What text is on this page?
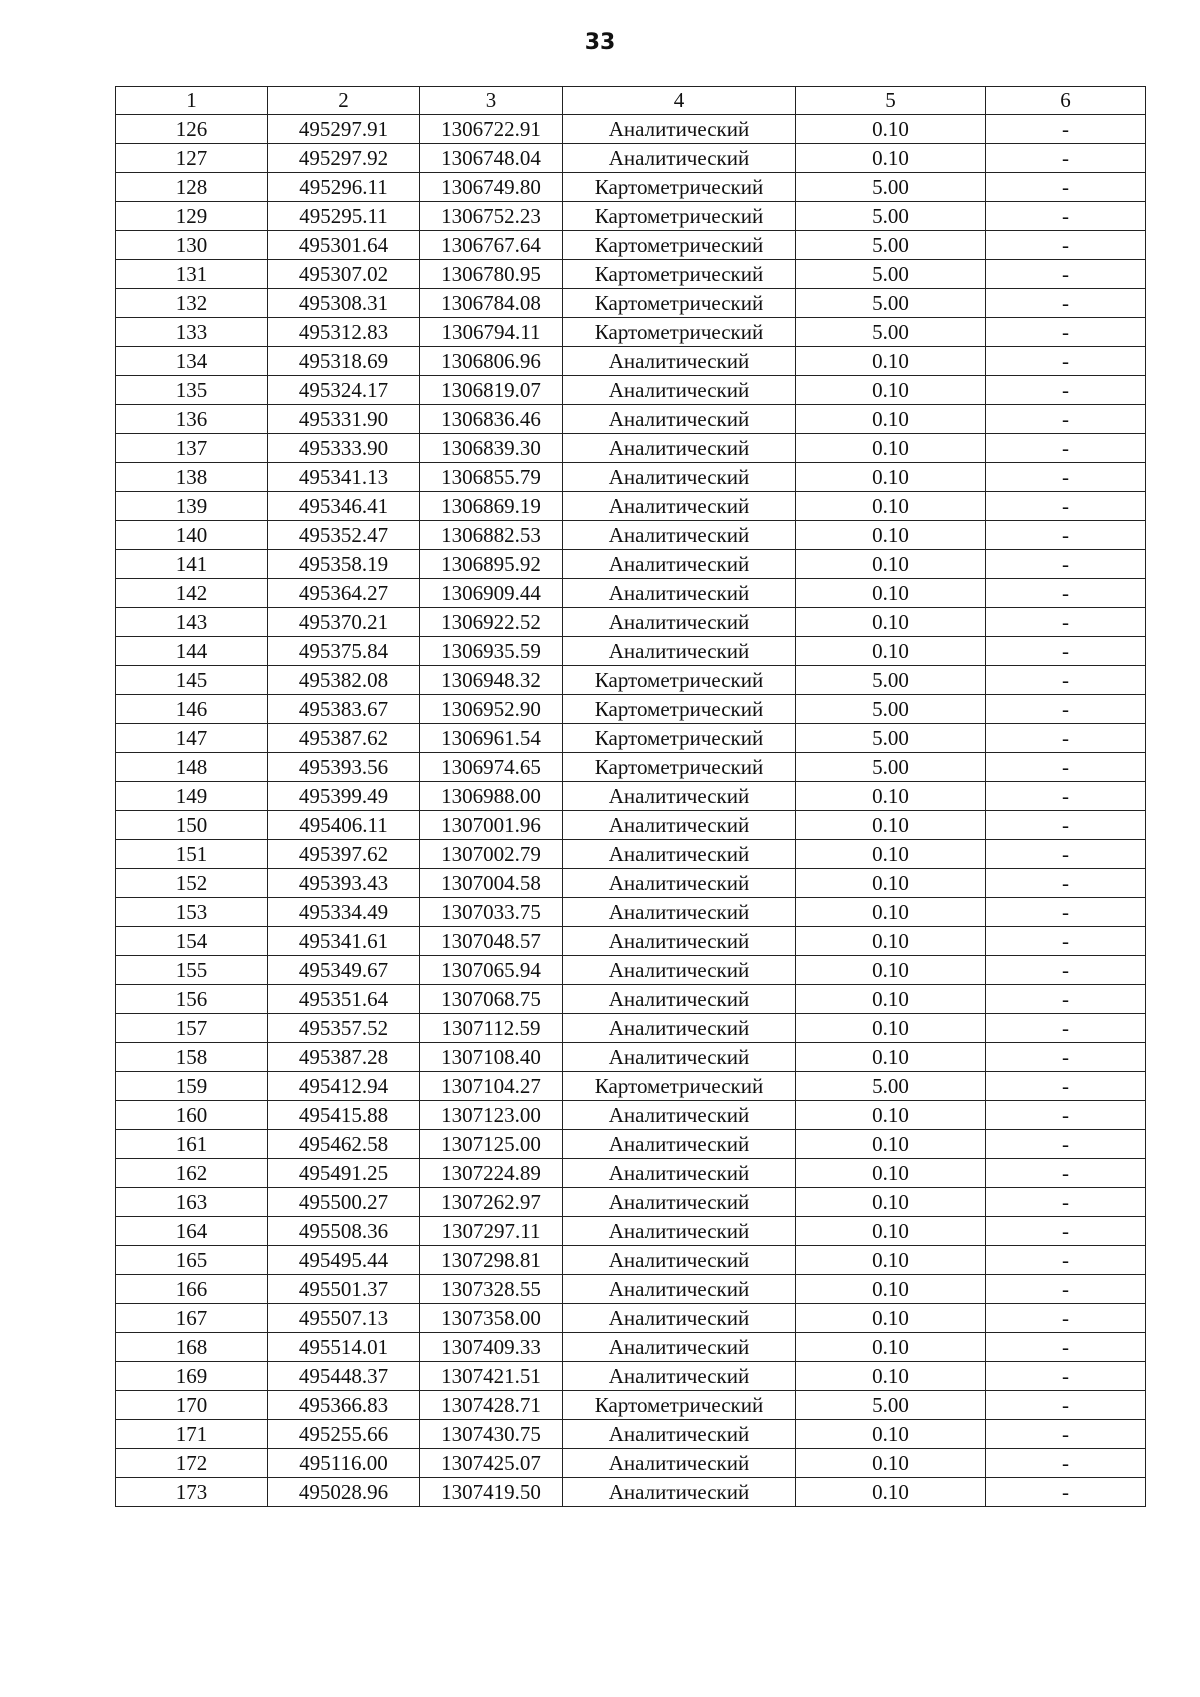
33
1	2	3	4	5	6
126	495297.91	1306722.91	Аналитический	0.10	-
127	495297.92	1306748.04	Аналитический	0.10	-
128	495296.11	1306749.80	Картометрический	5.00	-
129	495295.11	1306752.23	Картометрический	5.00	-
130	495301.64	1306767.64	Картометрический	5.00	-
131	495307.02	1306780.95	Картометрический	5.00	-
132	495308.31	1306784.08	Картометрический	5.00	-
133	495312.83	1306794.11	Картометрический	5.00	-
134	495318.69	1306806.96	Аналитический	0.10	-
135	495324.17	1306819.07	Аналитический	0.10	-
136	495331.90	1306836.46	Аналитический	0.10	-
137	495333.90	1306839.30	Аналитический	0.10	-
138	495341.13	1306855.79	Аналитический	0.10	-
139	495346.41	1306869.19	Аналитический	0.10	-
140	495352.47	1306882.53	Аналитический	0.10	-
141	495358.19	1306895.92	Аналитический	0.10	-
142	495364.27	1306909.44	Аналитический	0.10	-
143	495370.21	1306922.52	Аналитический	0.10	-
144	495375.84	1306935.59	Аналитический	0.10	-
145	495382.08	1306948.32	Картометрический	5.00	-
146	495383.67	1306952.90	Картометрический	5.00	-
147	495387.62	1306961.54	Картометрический	5.00	-
148	495393.56	1306974.65	Картометрический	5.00	-
149	495399.49	1306988.00	Аналитический	0.10	-
150	495406.11	1307001.96	Аналитический	0.10	-
151	495397.62	1307002.79	Аналитический	0.10	-
152	495393.43	1307004.58	Аналитический	0.10	-
153	495334.49	1307033.75	Аналитический	0.10	-
154	495341.61	1307048.57	Аналитический	0.10	-
155	495349.67	1307065.94	Аналитический	0.10	-
156	495351.64	1307068.75	Аналитический	0.10	-
157	495357.52	1307112.59	Аналитический	0.10	-
158	495387.28	1307108.40	Аналитический	0.10	-
159	495412.94	1307104.27	Картометрический	5.00	-
160	495415.88	1307123.00	Аналитический	0.10	-
161	495462.58	1307125.00	Аналитический	0.10	-
162	495491.25	1307224.89	Аналитический	0.10	-
163	495500.27	1307262.97	Аналитический	0.10	-
164	495508.36	1307297.11	Аналитический	0.10	-
165	495495.44	1307298.81	Аналитический	0.10	-
166	495501.37	1307328.55	Аналитический	0.10	-
167	495507.13	1307358.00	Аналитический	0.10	-
168	495514.01	1307409.33	Аналитический	0.10	-
169	495448.37	1307421.51	Аналитический	0.10	-
170	495366.83	1307428.71	Картометрический	5.00	-
171	495255.66	1307430.75	Аналитический	0.10	-
172	495116.00	1307425.07	Аналитический	0.10	-
173	495028.96	1307419.50	Аналитический	0.10	-
